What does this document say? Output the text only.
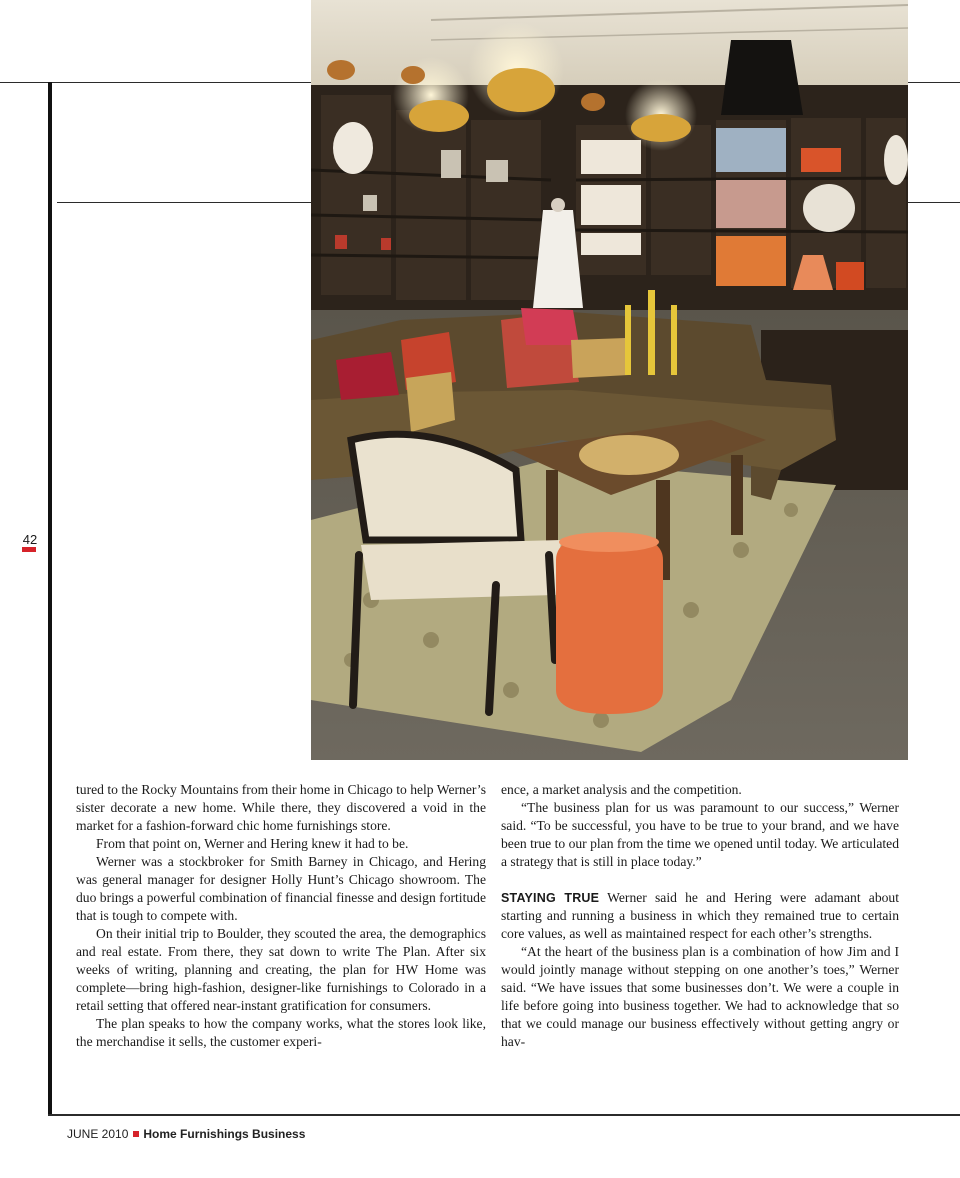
42

tured to the Rocky Mountains from their home in Chicago to help Werner’s sister decorate a new home. While there, they discovered a void in the market for a fashion-forward chic home furnishings store.

From that point on, Werner and Hering knew it had to be.

Werner was a stockbroker for Smith Barney in Chicago, and Hering was general manager for designer Holly Hunt’s Chicago showroom. The duo brings a powerful combination of financial finesse and design fortitude that is tough to compete with.

On their initial trip to Boulder, they scouted the area, the demographics and real estate. From there, they sat down to write The Plan. After six weeks of writing, planning and creating, the plan for HW Home was complete—bring high-fashion, designer-like furnishings to Colorado in a retail setting that offered near-instant gratification for consumers.

The plan speaks to how the company works, what the stores look like, the merchandise it sells, the customer experi-

ence, a market analysis and the competition.

“The business plan for us was paramount to our success,” Werner said. “To be successful, you have to be true to your brand, and we have been true to our plan from the time we opened until today. We articulated a strategy that is still in place today.”

STAYING TRUE Werner said he and Hering were adamant about starting and running a business in which they remained true to certain core values, as well as maintained respect for each other’s strengths.

“At the heart of the business plan is a combination of how Jim and I would jointly manage without stepping on one another’s toes,” Werner said. “We have issues that some businesses don’t. We were a couple in life before going into business together. We had to acknowledge that so that we could manage our business effectively without getting angry or hav-

JUNE 2010 Home Furnishings Business
